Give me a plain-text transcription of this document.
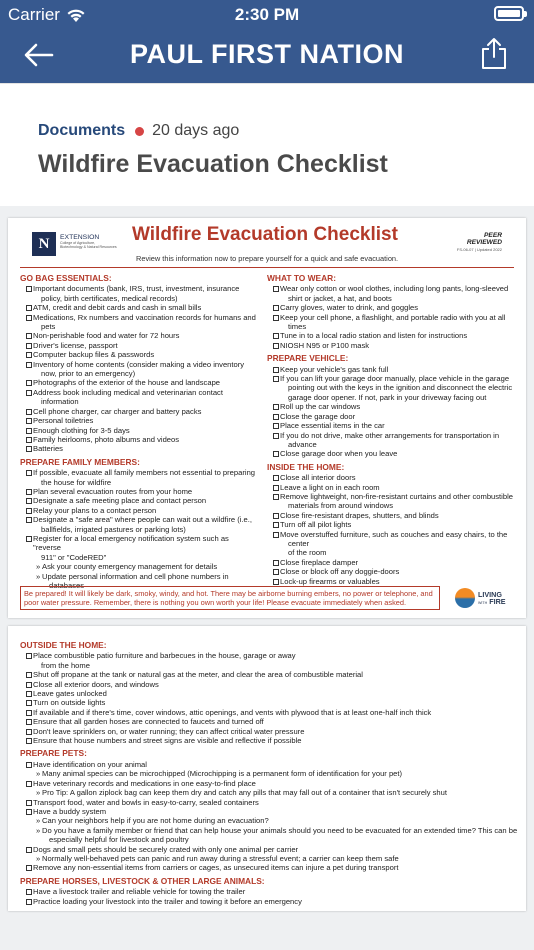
Carrier	2:30 PM
PAUL FIRST NATION
Documents 20 days ago
Wildfire Evacuation Checklist
N	EXTENSION
College of Agriculture,
Biotechnology & Natural Resources
Wildfire Evacuation Checklist
Review this information now to prepare yourself for a quick and safe evacuation.
PEER
REVIEWED
FS-06-07 | Updated 2022
GO BAG ESSENTIALS:
Important documents (bank, IRS, trust, investment, insurance
policy, birth certificates, medical records)
ATM, credit and debit cards and cash in small bills
Medications, Rx numbers and vaccination records for humans and
pets
Non-perishable food and water for 72 hours
Driver's license, passport
Computer backup files & passwords
Inventory of home contents (consider making a video inventory
now, prior to an emergency)
Photographs of the exterior of the house and landscape
Address book including medical and veterinarian contact
information
Cell phone charger, car charger and battery packs
Personal toiletries
Enough clothing for 3-5 days
Family heirlooms, photo albums and videos
Batteries
PREPARE FAMILY MEMBERS:
If possible, evacuate all family members not essential to preparing
the house for wildfire
Plan several evacuation routes from your home
Designate a safe meeting place and contact person
Relay your plans to a contact person
Designate a "safe area" where people can wait out a wildfire (i.e.,
ballfields, irrigated pastures or parking lots)
Register for a local emergency notification system such as "reverse
911" or "CodeRED"
» Ask your county emergency management for details
» Update personal information and cell phone numbers in
databases
WHAT TO WEAR:
Wear only cotton or wool clothes, including long pants, long-sleeved
shirt or jacket, a hat, and boots
Carry gloves, water to drink, and goggles
Keep your cell phone, a flashlight, and portable radio with you at all
times
Tune in to a local radio station and listen for instructions
NIOSH N95 or P100 mask
PREPARE VEHICLE:
Keep your vehicle's gas tank full
If you can lift your garage door manually, place vehicle in the garage
pointing out with the keys in the ignition and disconnect the electric
garage door opener. If not, park in your driveway facing out
Roll up the car windows
Close the garage door
Place essential items in the car
If you do not drive, make other arrangements for transportation in
advance
Close garage door when you leave
INSIDE THE HOME:
Close all interior doors
Leave a light on in each room
Remove lightweight, non-fire-resistant curtains and other combustible
materials from around windows
Close fire-resistant drapes, shutters, and blinds
Turn off all pilot lights
Move overstuffed furniture, such as couches and easy chairs, to the
center
of the room
Close fireplace damper
Close or block off any doggie-doors
Lock-up firearms or valuables
Be prepared! It will likely be dark, smoky, windy, and hot. There may be airborne burning embers, no power or telephone, and poor water pressure. Remember, there is nothing you own worth your life! Please evacuate immediately when asked.
LIVING
WITH FIRE
OUTSIDE THE HOME:
Place combustible patio furniture and barbecues in the house, garage or away
from the home
Shut off propane at the tank or natural gas at the meter, and clear the area of combustible material
Close all exterior doors, and windows
Leave gates unlocked
Turn on outside lights
If available and if there's time, cover windows, attic openings, and vents with plywood that is at least one-half inch thick
Ensure that all garden hoses are connected to faucets and turned off
Don't leave sprinklers on, or water running; they can affect critical water pressure
Ensure that house numbers and street signs are visible and reflective if possible
PREPARE PETS:
Have identification on your animal
» Many animal species can be microchipped (Microchipping is a permanent form of identification for your pet)
Have veterinary records and medications in one easy-to-find place
» Pro Tip: A gallon ziplock bag can keep them dry and catch any pills that may fall out of a container that isn't securely shut
Transport food, water and bowls in easy-to-carry, sealed containers
Have a buddy system
» Can your neighbors help if you are not home during an evacuation?
» Do you have a family member or friend that can help house your animals should you need to be evacuated for an extended time? This can be
especially helpful for livestock and poultry
Dogs and small pets should be securely crated with only one animal per carrier
» Normally well-behaved pets can panic and run away during a stressful event; a carrier can keep them safe
Remove any non-essential items from carriers or cages, as unsecured items can injure a pet during transport
PREPARE HORSES, LIVESTOCK & OTHER LARGE ANIMALS:
Have a livestock trailer and reliable vehicle for towing the trailer
Practice loading your livestock into the trailer and towing it before an emergency
